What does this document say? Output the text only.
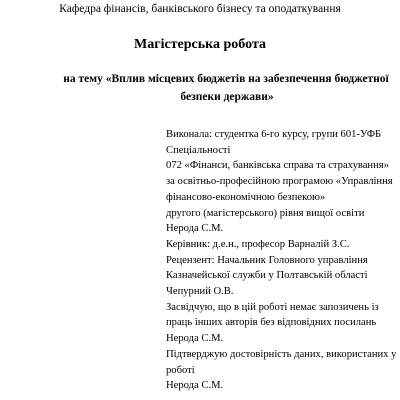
Кафедра фінансів, банківського бізнесу та оподаткування
Магістерська робота
на тему «Вплив місцевих бюджетів на забезпечення бюджетної
безпеки держави»
Виконала: студентка 6-го курсу, групи 601-УФБ
Спеціальності
072 «Фінанси, банківська справа та страхування»
за освітньо-професійною програмою «Управління
фінансово-економічною безпекою»
другого (магістерського) рівня вищої освіти
Нерода С.М.
Керівник: д.е.н., професор Варналій З.С.
Рецензент: Начальник Головного управління
Казначейської служби у Полтавській області
Чепурний О.В.
Засвідчую, що в цій роботі немає запозичень із
праць інших авторів без відповідних посилань
Нерода С.М.
Підтверджую достовірність даних, використаних у
роботі
Нерода С.М.
